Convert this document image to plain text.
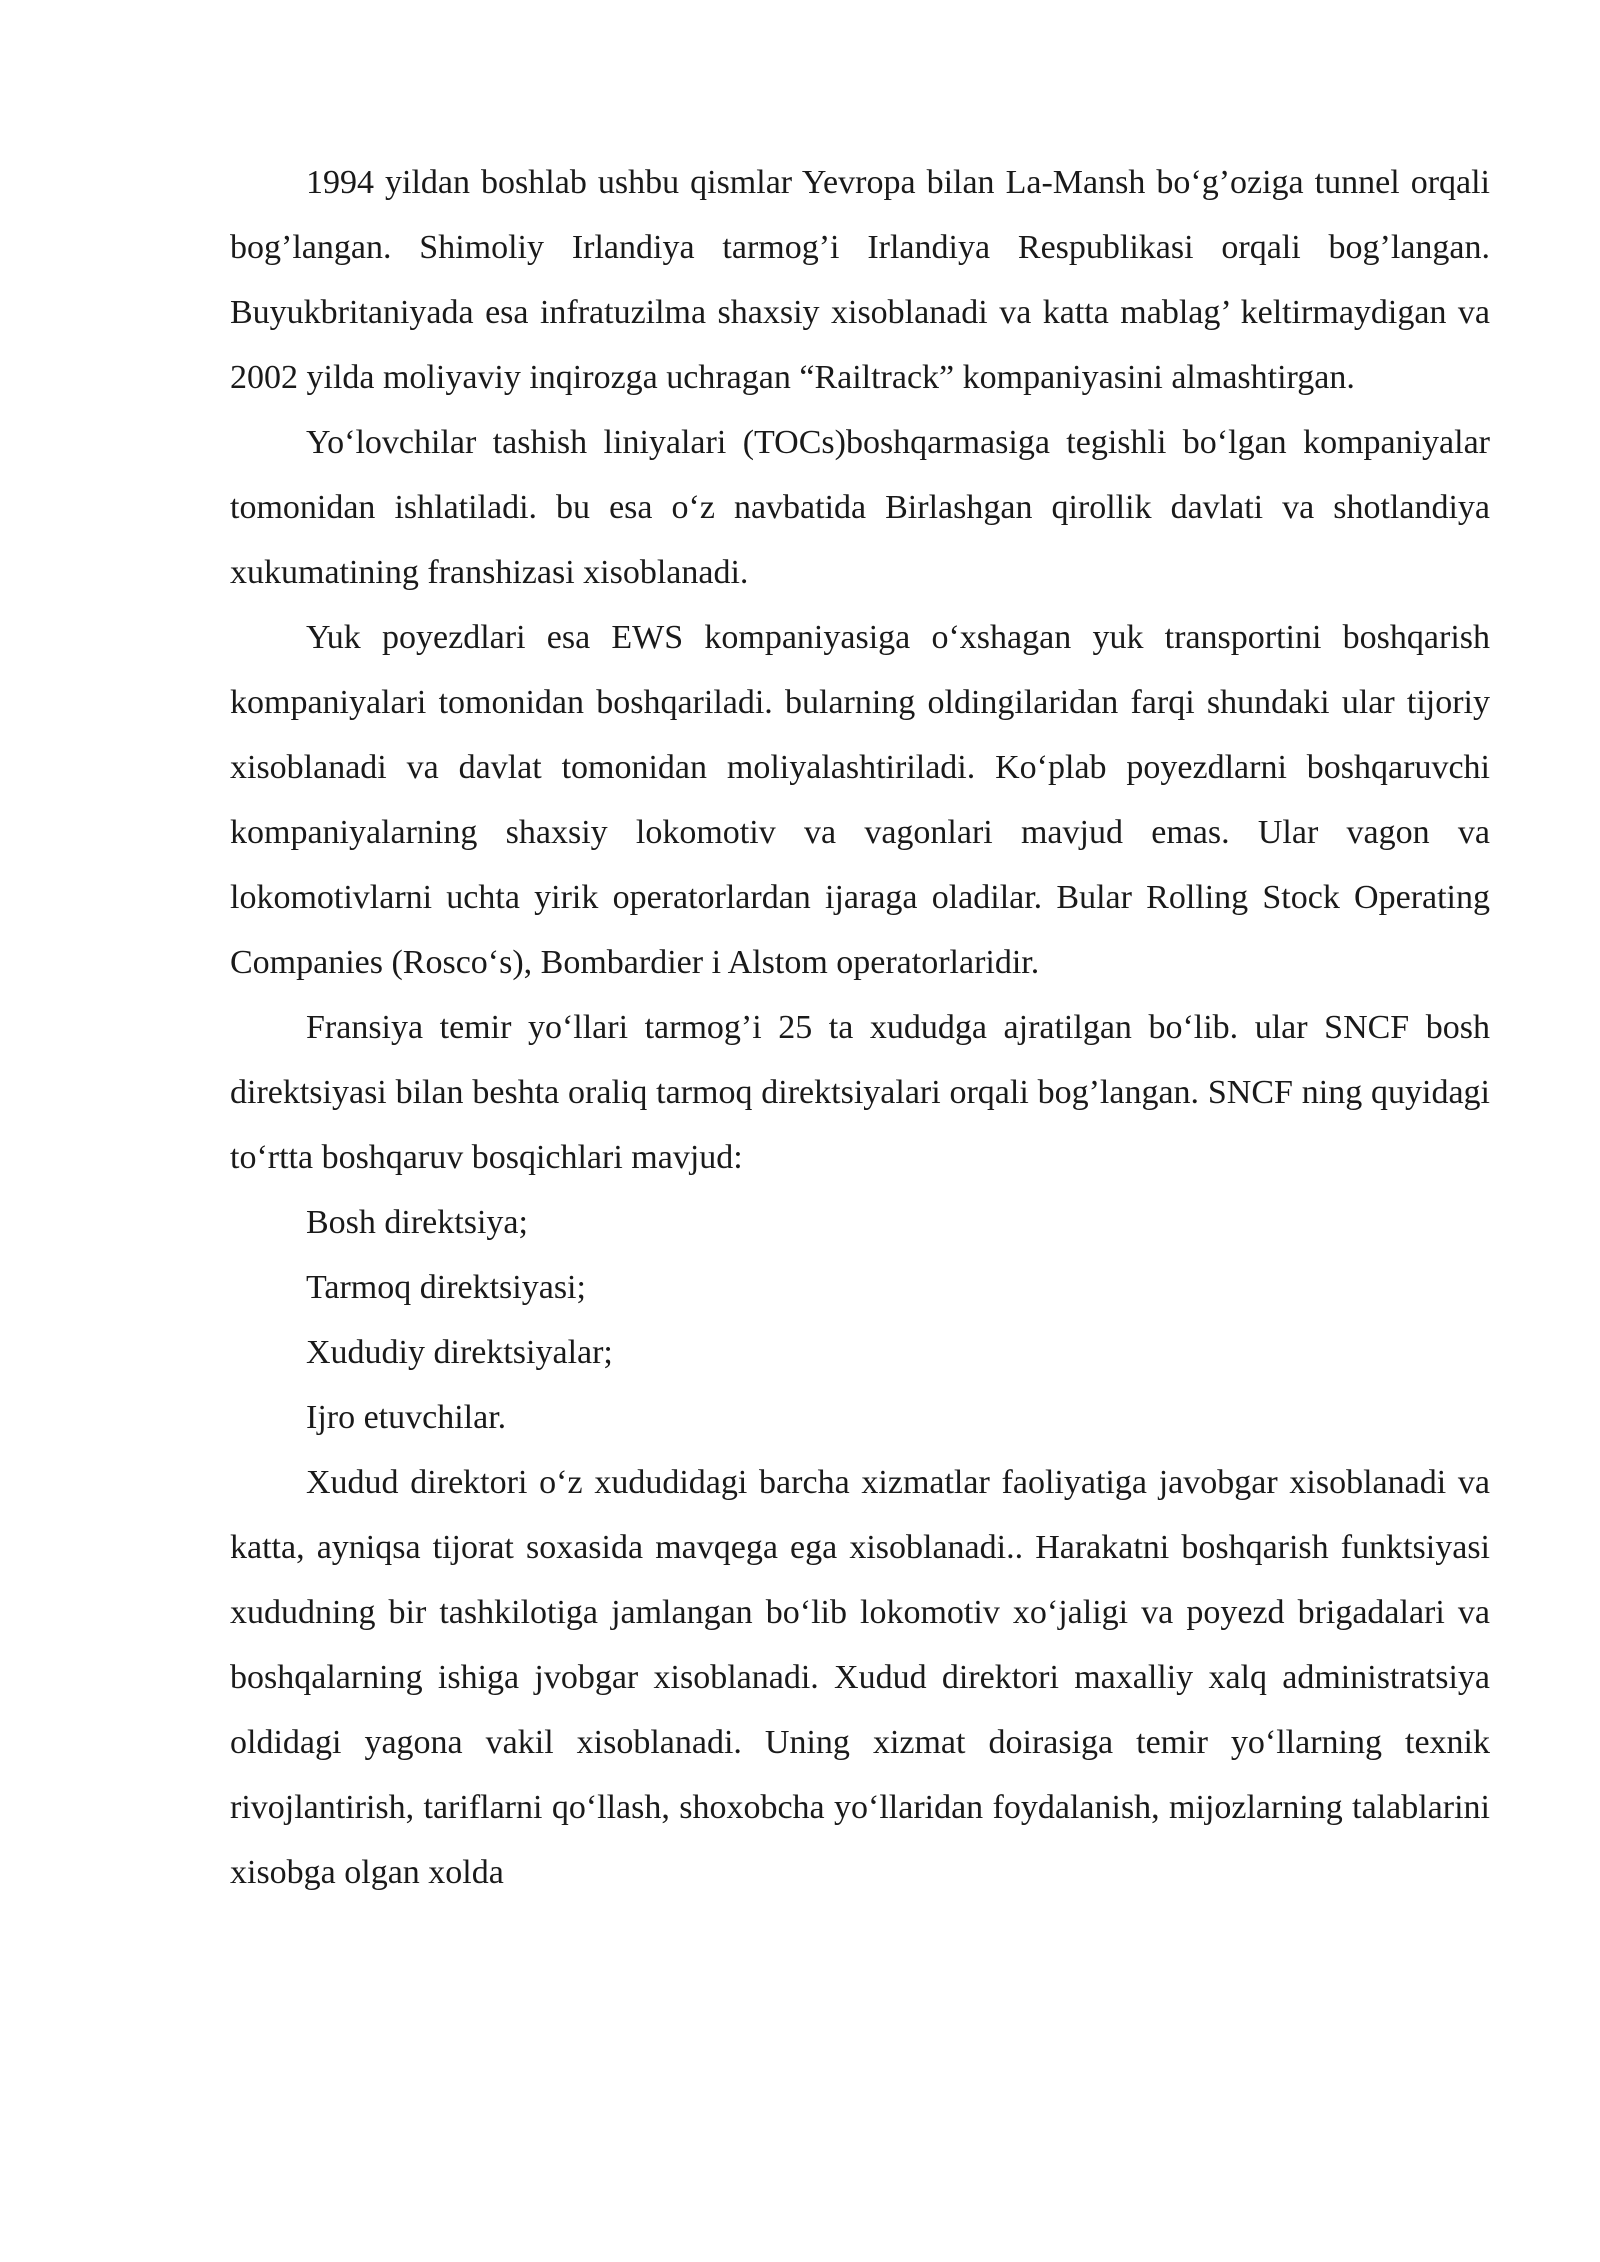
1994 yildan boshlab ushbu qismlar Yevropa bilan La-Mansh bo‘g’oziga tunnel orqali bog’langan. Shimoliy Irlandiya tarmog’i Irlandiya Respublikasi orqali bog’langan. Buyukbritaniyada esa infratuzilma shaxsiy xisoblanadi va katta mablag’ keltirmaydigan va 2002 yilda moliyaviy inqirozga uchragan “Railtrack” kompaniyasini almashtirgan.

Yo‘lovchilar tashish liniyalari (TOCs)boshqarmasiga tegishli bo‘lgan kompaniyalar tomonidan ishlatiladi. bu esa o‘z navbatida Birlashgan qirollik davlati va shotlandiya xukumatining franshizasi xisoblanadi.

Yuk poyezdlari esa EWS kompaniyasiga o‘xshagan yuk transportini boshqarish kompaniyalari tomonidan boshqariladi. bularning oldingilaridan farqi shundaki ular tijoriy xisoblanadi va davlat tomonidan moliyalashtiriladi. Ko‘plab poyezdlarni boshqaruvchi kompaniyalarning shaxsiy lokomotiv va vagonlari mavjud emas. Ular vagon va lokomotivlarni uchta yirik operatorlardan ijaraga oladilar. Bular Rolling Stock Operating Companies (Rosco‘s), Bombardier i Alstom operatorlaridir.

Fransiya temir yo‘llari tarmog’i 25 ta xududga ajratilgan bo‘lib. ular SNCF bosh direktsiyasi bilan beshta oraliq tarmoq direktsiyalari orqali bog’langan. SNCF ning quyidagi to‘rtta boshqaruv bosqichlari mavjud:

Bosh direktsiya;

Tarmoq direktsiyasi;

Xududiy direktsiyalar;

Ijro etuvchilar.

Xudud direktori o‘z xududidagi barcha xizmatlar faoliyatiga javobgar xisoblanadi va katta, ayniqsa tijorat soxasida mavqega ega xisoblanadi.. Harakatni boshqarish funktsiyasi xududning bir tashkilotiga jamlangan bo‘lib lokomotiv xo‘jaligi va poyezd brigadalari va boshqalarning ishiga jvobgar xisoblanadi. Xudud direktori maxalliy xalq administratsiya oldidagi yagona vakil xisoblanadi. Uning xizmat doirasiga temir yo‘llarning texnik rivojlantirish, tariflarni qo‘llash, shoxobcha yo‘llaridan foydalanish, mijozlarning talablarini xisobga olgan xolda
